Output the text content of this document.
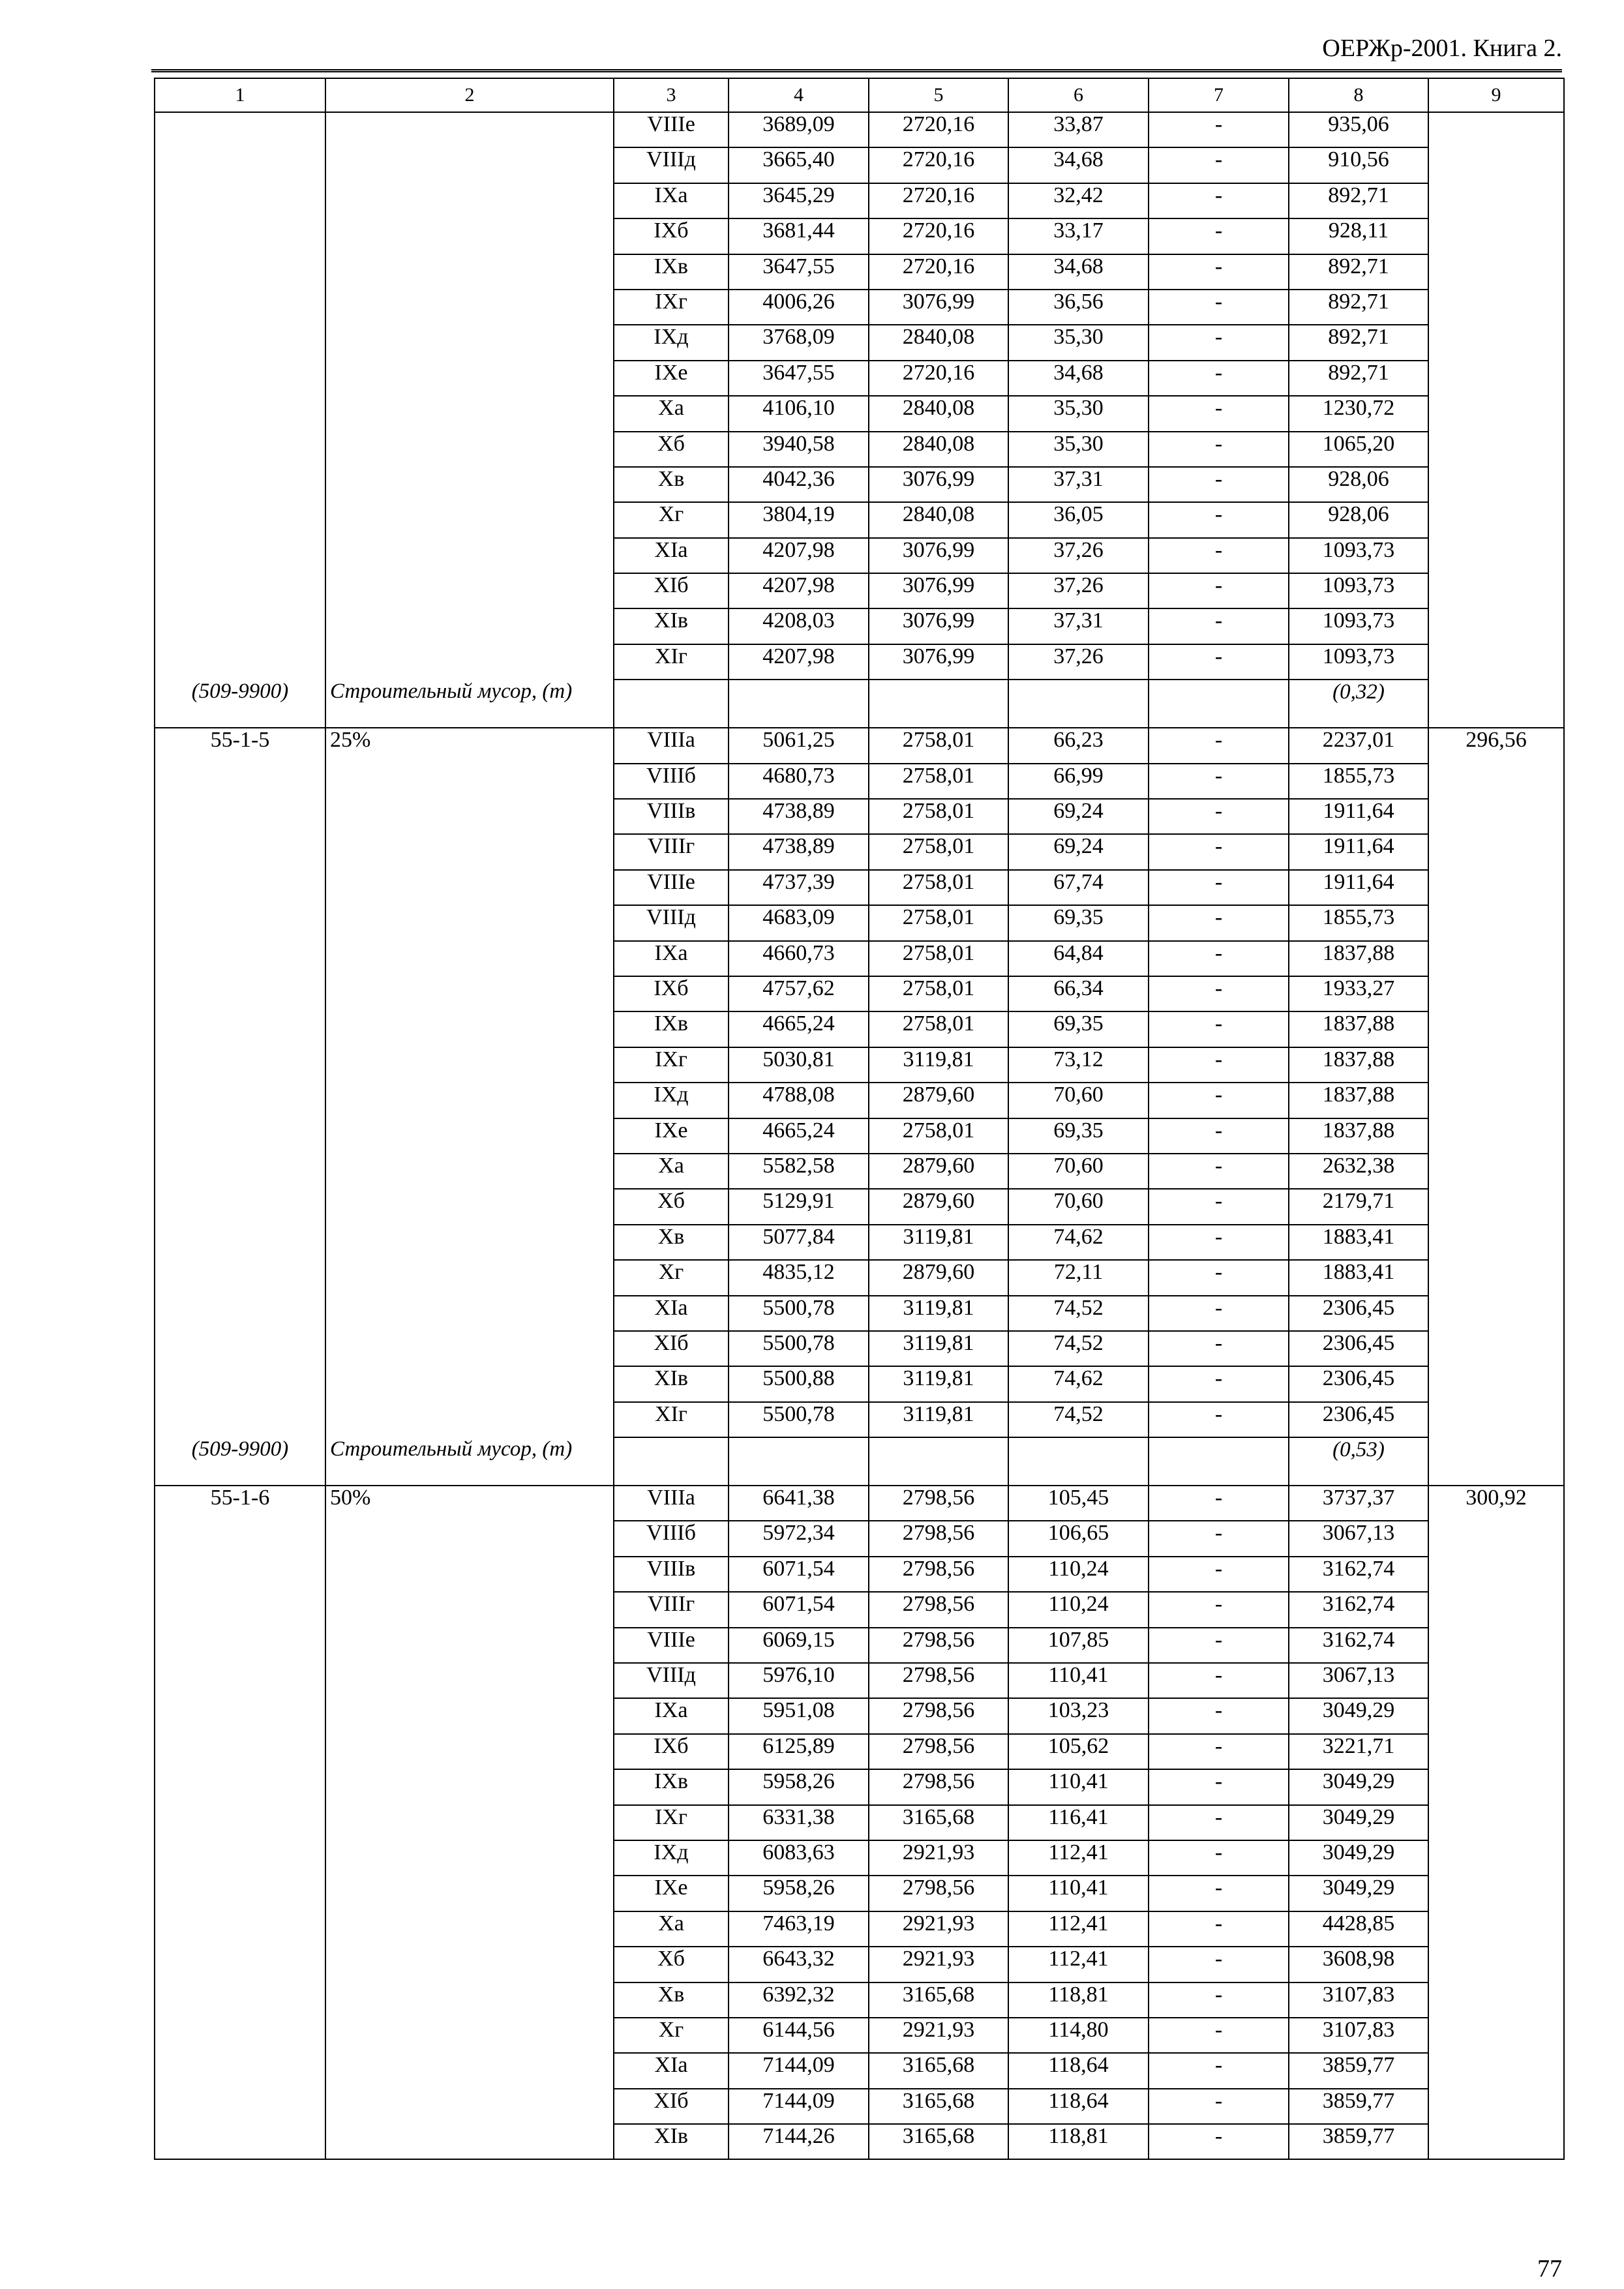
ОЕРЖр-2001. Книга 2.
1	2	3	4	5	6	7	8	9
		VIIIе	3689,09	2720,16	33,87	-	935,06	
		VIIIд	3665,40	2720,16	34,68	-	910,56	
		IXа	3645,29	2720,16	32,42	-	892,71	
		IXб	3681,44	2720,16	33,17	-	928,11	
		IXв	3647,55	2720,16	34,68	-	892,71	
		IXг	4006,26	3076,99	36,56	-	892,71	
		IXд	3768,09	2840,08	35,30	-	892,71	
		IXе	3647,55	2720,16	34,68	-	892,71	
		Xа	4106,10	2840,08	35,30	-	1230,72	
		Xб	3940,58	2840,08	35,30	-	1065,20	
		Xв	4042,36	3076,99	37,31	-	928,06	
		Xг	3804,19	2840,08	36,05	-	928,06	
		XIа	4207,98	3076,99	37,26	-	1093,73	
		XIб	4207,98	3076,99	37,26	-	1093,73	
		XIв	4208,03	3076,99	37,31	-	1093,73	
		XIг	4207,98	3076,99	37,26	-	1093,73	
(509-9900)	Строительный мусор, (т)						(0,32)	
55-1-5	25%	VIIIа	5061,25	2758,01	66,23	-	2237,01	296,56
		VIIIб	4680,73	2758,01	66,99	-	1855,73	
		VIIIв	4738,89	2758,01	69,24	-	1911,64	
		VIIIг	4738,89	2758,01	69,24	-	1911,64	
		VIIIе	4737,39	2758,01	67,74	-	1911,64	
		VIIIд	4683,09	2758,01	69,35	-	1855,73	
		IXа	4660,73	2758,01	64,84	-	1837,88	
		IXб	4757,62	2758,01	66,34	-	1933,27	
		IXв	4665,24	2758,01	69,35	-	1837,88	
		IXг	5030,81	3119,81	73,12	-	1837,88	
		IXд	4788,08	2879,60	70,60	-	1837,88	
		IXе	4665,24	2758,01	69,35	-	1837,88	
		Xа	5582,58	2879,60	70,60	-	2632,38	
		Xб	5129,91	2879,60	70,60	-	2179,71	
		Xв	5077,84	3119,81	74,62	-	1883,41	
		Xг	4835,12	2879,60	72,11	-	1883,41	
		XIа	5500,78	3119,81	74,52	-	2306,45	
		XIб	5500,78	3119,81	74,52	-	2306,45	
		XIв	5500,88	3119,81	74,62	-	2306,45	
		XIг	5500,78	3119,81	74,52	-	2306,45	
(509-9900)	Строительный мусор, (т)						(0,53)	
55-1-6	50%	VIIIа	6641,38	2798,56	105,45	-	3737,37	300,92
		VIIIб	5972,34	2798,56	106,65	-	3067,13	
		VIIIв	6071,54	2798,56	110,24	-	3162,74	
		VIIIг	6071,54	2798,56	110,24	-	3162,74	
		VIIIе	6069,15	2798,56	107,85	-	3162,74	
		VIIIд	5976,10	2798,56	110,41	-	3067,13	
		IXа	5951,08	2798,56	103,23	-	3049,29	
		IXб	6125,89	2798,56	105,62	-	3221,71	
		IXв	5958,26	2798,56	110,41	-	3049,29	
		IXг	6331,38	3165,68	116,41	-	3049,29	
		IXд	6083,63	2921,93	112,41	-	3049,29	
		IXе	5958,26	2798,56	110,41	-	3049,29	
		Xа	7463,19	2921,93	112,41	-	4428,85	
		Xб	6643,32	2921,93	112,41	-	3608,98	
		Xв	6392,32	3165,68	118,81	-	3107,83	
		Xг	6144,56	2921,93	114,80	-	3107,83	
		XIа	7144,09	3165,68	118,64	-	3859,77	
		XIб	7144,09	3165,68	118,64	-	3859,77	
		XIв	7144,26	3165,68	118,81	-	3859,77	
77
